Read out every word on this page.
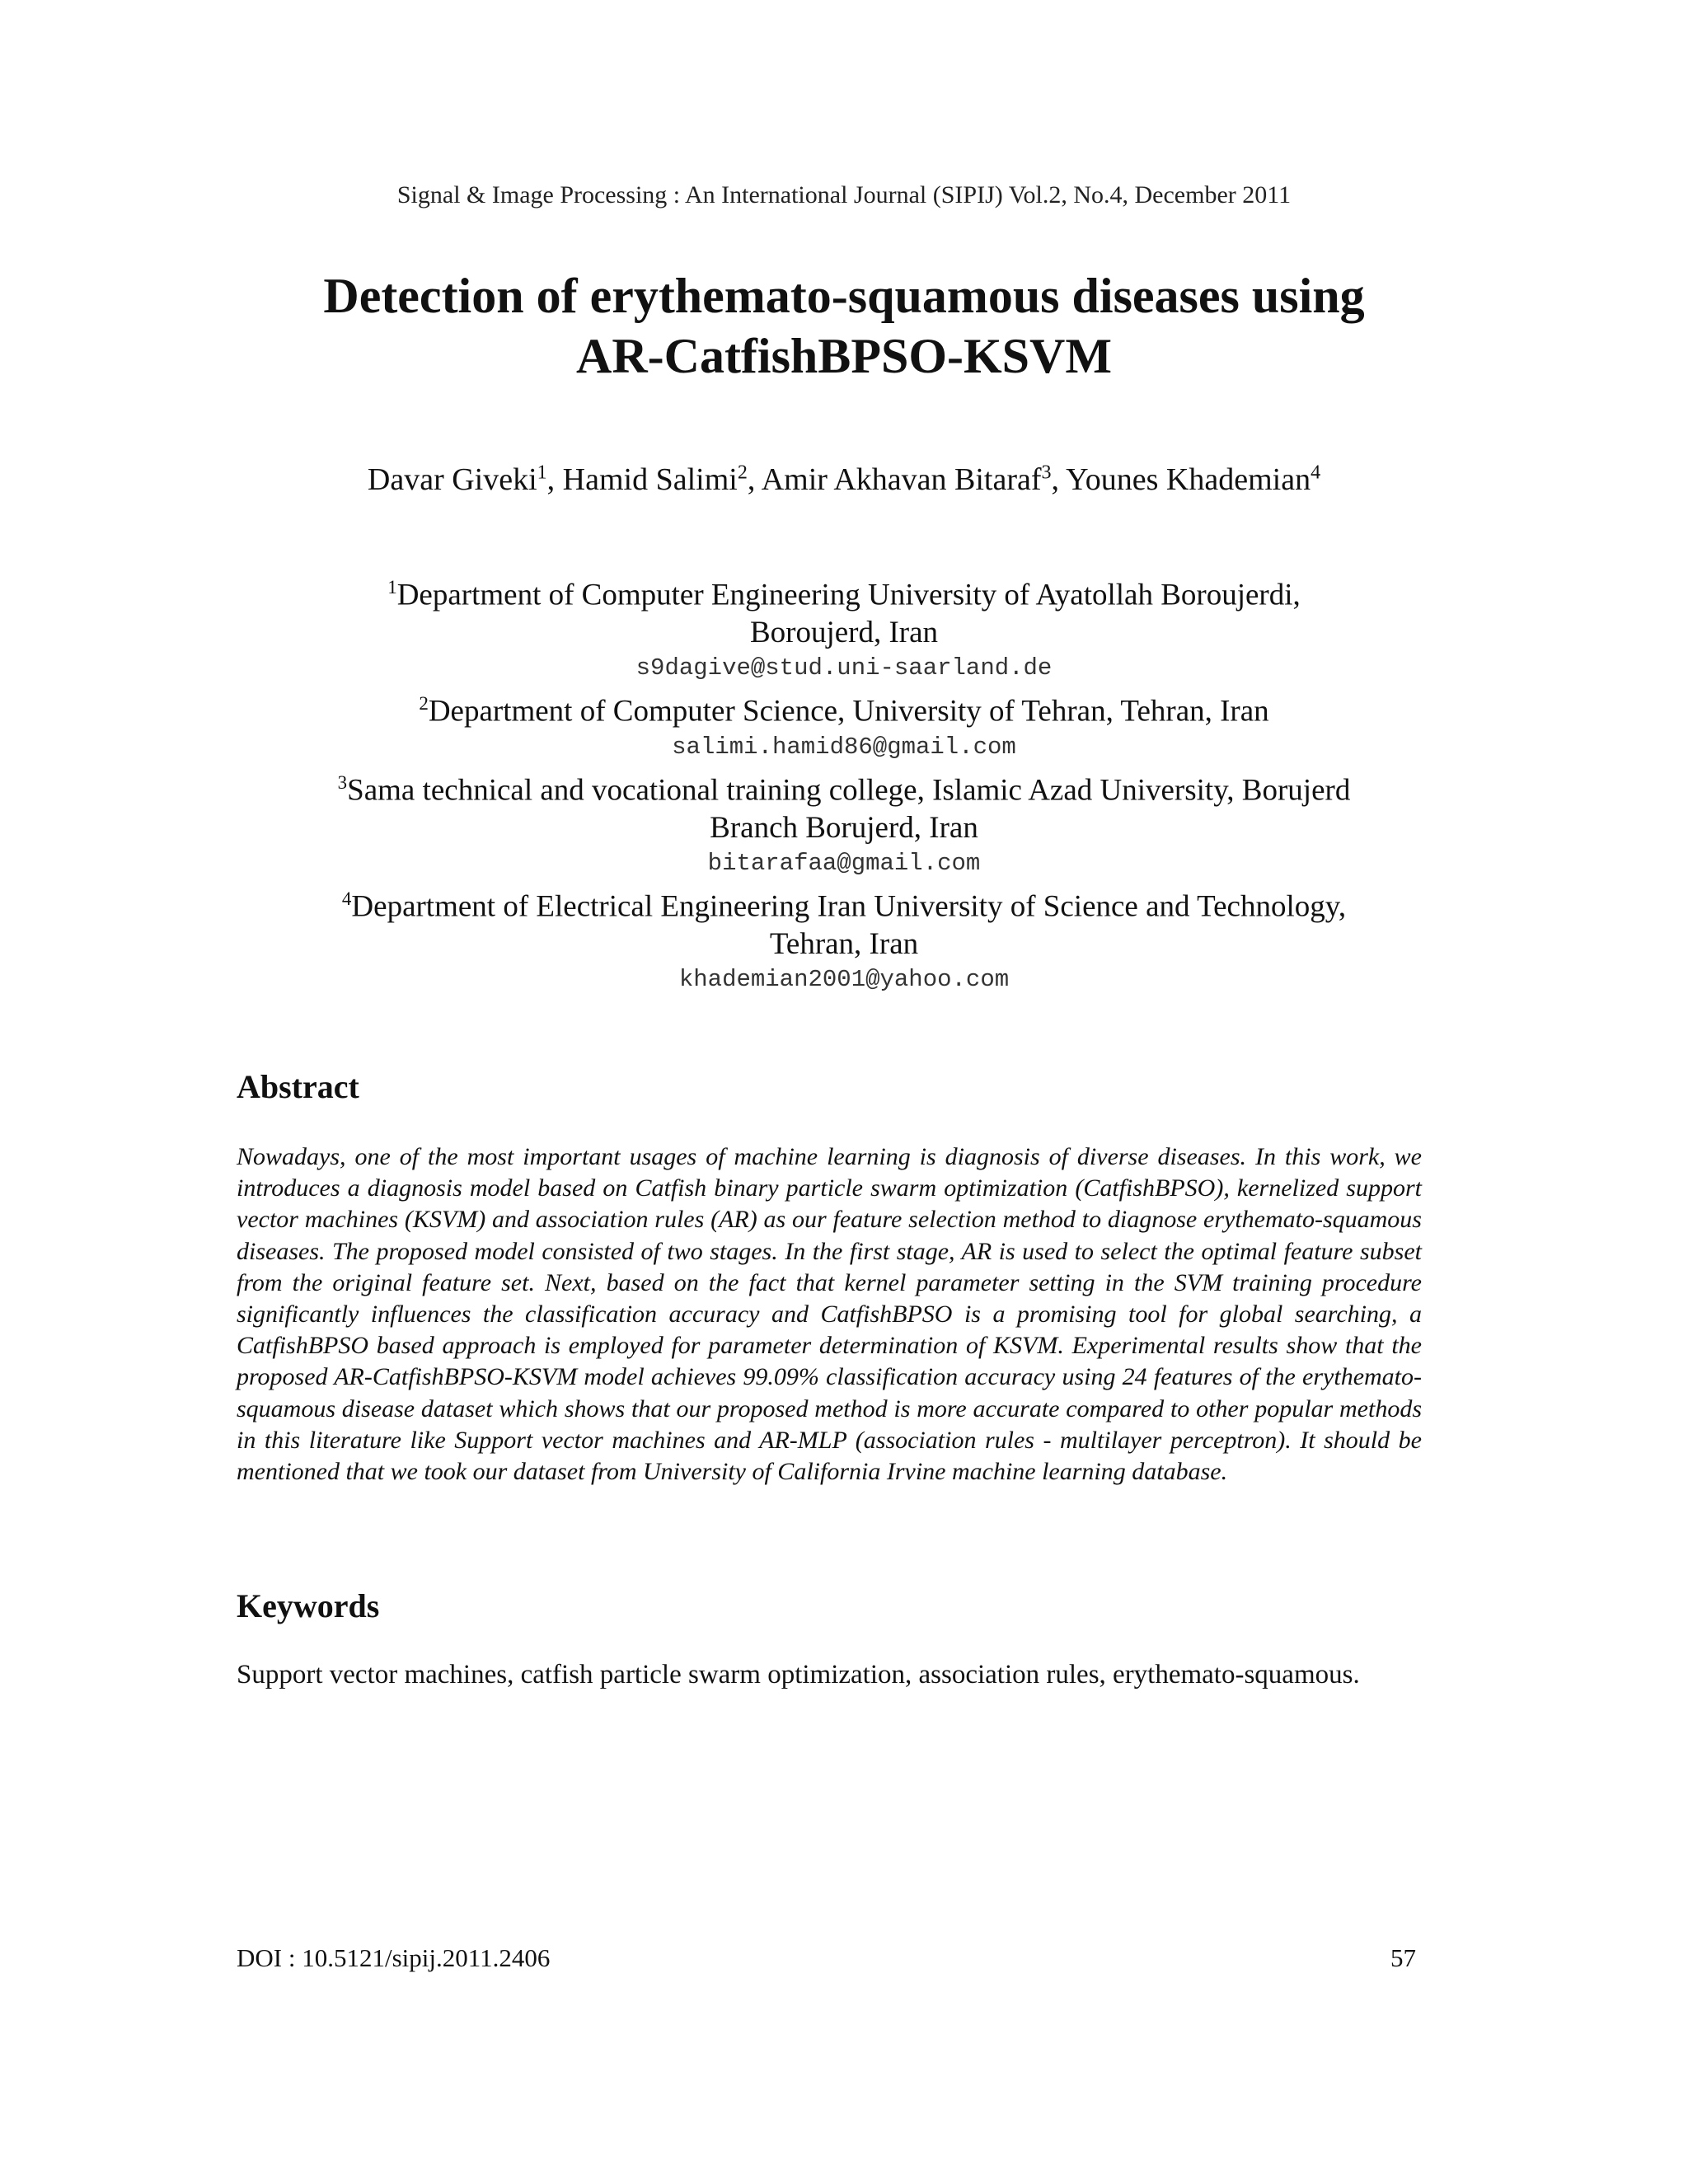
Signal & Image Processing : An International Journal (SIPIJ) Vol.2, No.4, December 2011
Detection of erythemato-squamous diseases using
AR-CatfishBPSO-KSVM
Davar Giveki$^1$, Hamid Salimi$^2$, Amir Akhavan Bitaraf$^3$, Younes Khademian$^4$
$^1$Department of Computer Engineering University of Ayatollah Boroujerdi,
Boroujerd, Iran
s9dagive@stud.uni-saarland.de
$^2$Department of Computer Science, University of Tehran, Tehran, Iran
salimi.hamid86@gmail.com
$^3$Sama technical and vocational training college, Islamic Azad University, Borujerd
Branch Borujerd, Iran
bitarafaa@gmail.com
$^4$Department of Electrical Engineering Iran University of Science and Technology,
Tehran, Iran
khademian2001@yahoo.com
Abstract
Nowadays, one of the most important usages of machine learning is diagnosis of diverse diseases. In this work, we introduces a diagnosis model based on Catfish binary particle swarm optimization (CatfishBPSO), kernelized support vector machines (KSVM) and association rules (AR) as our feature selection method to diagnose erythemato-squamous diseases. The proposed model consisted of two stages. In the first stage, AR is used to select the optimal feature subset from the original feature set. Next, based on the fact that kernel parameter setting in the SVM training procedure significantly influences the classification accuracy and CatfishBPSO is a promising tool for global searching, a CatfishBPSO based approach is employed for parameter determination of KSVM. Experimental results show that the proposed AR-CatfishBPSO-KSVM model achieves 99.09% classification accuracy using 24 features of the erythemato-squamous disease dataset which shows that our proposed method is more accurate compared to other popular methods in this literature like Support vector machines and AR-MLP (association rules - multilayer perceptron). It should be mentioned that we took our dataset from University of California Irvine machine learning database.
Keywords
Support vector machines, catfish particle swarm optimization, association rules, erythemato-squamous.
DOI : 10.5121/sipij.2011.2406	57
